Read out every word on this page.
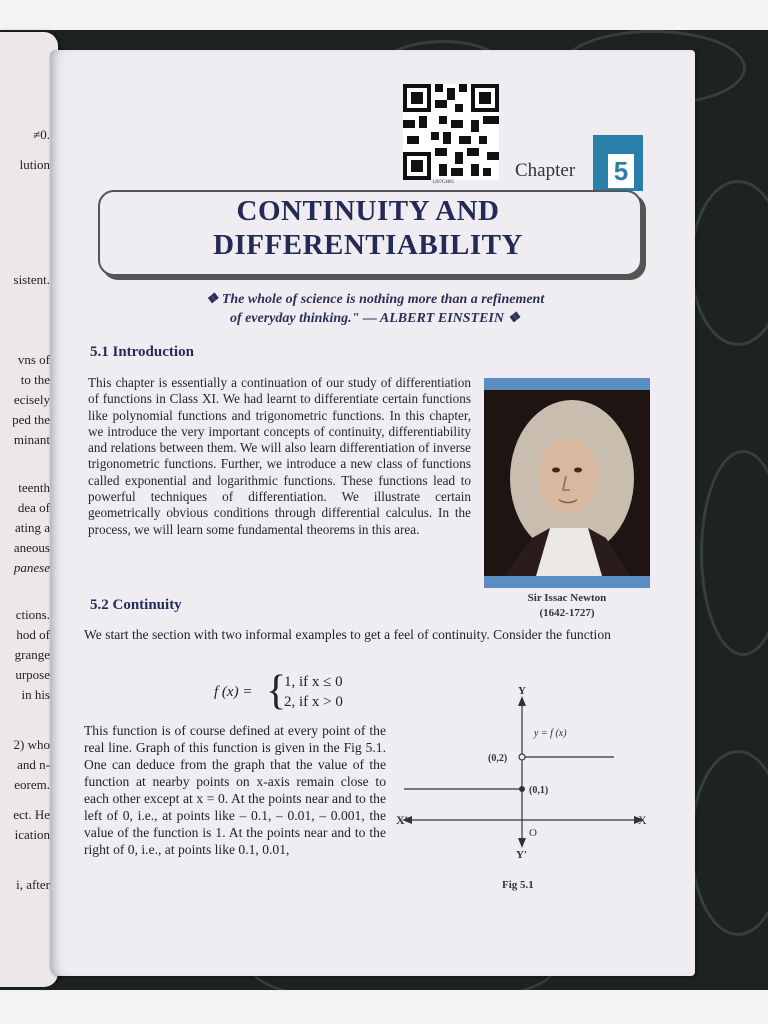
≠0.
lution
sistent.
vns of
to the
ecisely
ped the
minant
teenth
dea of
ating a
aneous
panese
ctions.
hod of
grange
urpose
in his
2) who
and n-
eorem.
ect. He
ication
i, after
1207CH05
Chapter 5
CONTINUITY AND
DIFFERENTIABILITY
❖ The whole of science is nothing more than a refinement
of everyday thinking." — ALBERT EINSTEIN ❖
5.1 Introduction
This chapter is essentially a continuation of our study of differentiation of functions in Class XI. We had learnt to differentiate certain functions like polynomial functions and trigonometric functions. In this chapter, we introduce the very important concepts of continuity, differentiability and relations between them. We will also learn differentiation of inverse trigonometric functions. Further, we introduce a new class of functions called exponential and logarithmic functions. These functions lead to powerful techniques of differentiation. We illustrate certain geometrically obvious conditions through differential calculus. In the process, we will learn some fundamental theorems in this area.
Sir Issac Newton
(1642-1727)
5.2 Continuity
We start the section with two informal examples to get a feel of continuity. Consider the function
f (x) = {
1, if x ≤ 0
2, if x > 0
This function is of course defined at every point of the real line. Graph of this function is given in the Fig 5.1. One can deduce from the graph that the value of the function at nearby points on x-axis remain close to each other except at x = 0. At the points near and to the left of 0, i.e., at points like – 0.1, – 0.01, – 0.001, the value of the function is 1. At the points near and to the right of 0, i.e., at points like 0.1, 0.01,
Y
Y′
X
X′
O
y = f (x)
(0,2)
(0,1)
Fig 5.1
